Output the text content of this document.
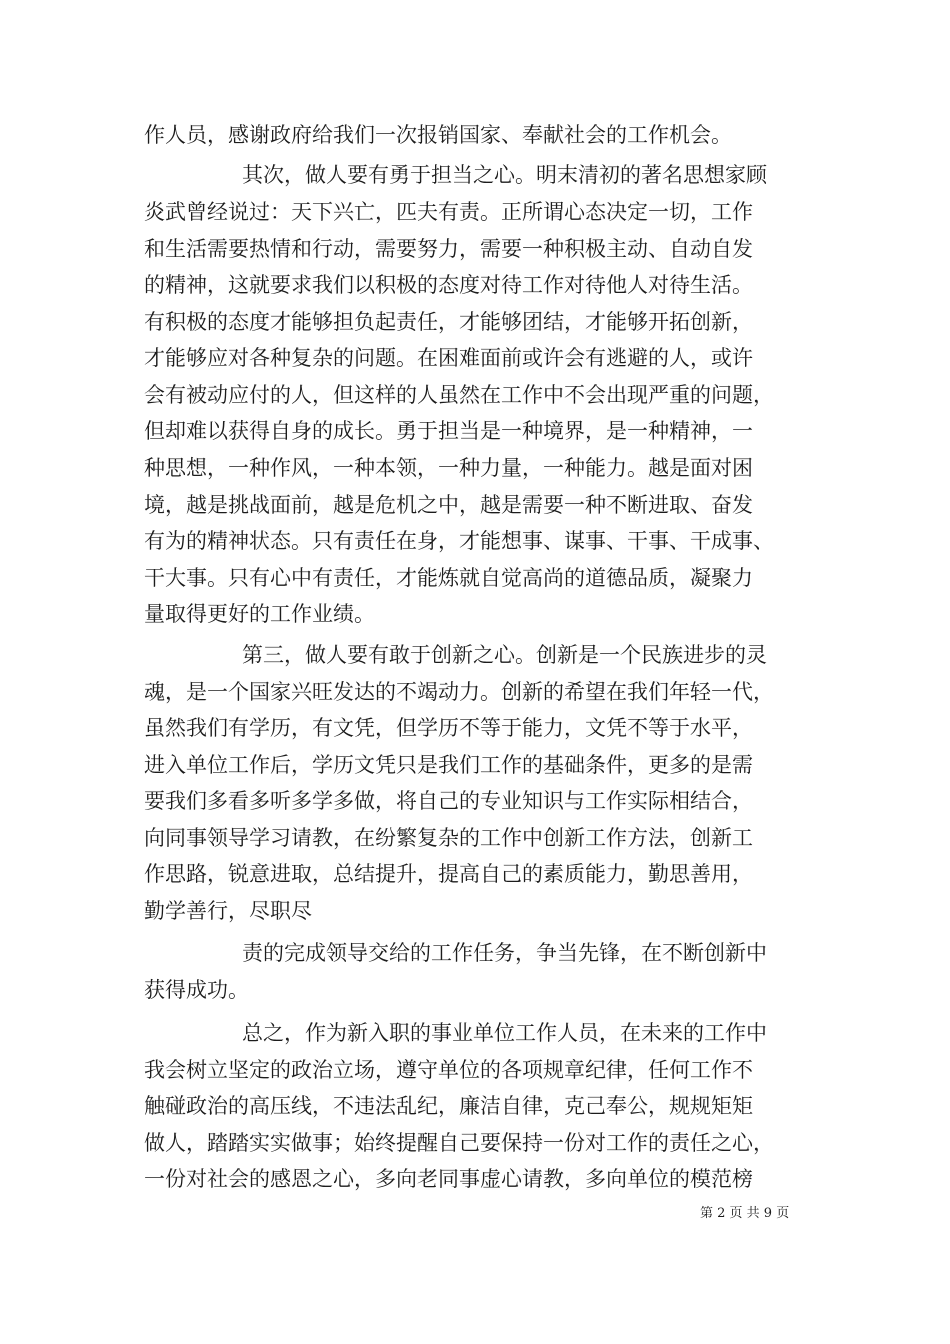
作人员，感谢政府给我们一次报销国家、奉献社会的工作机会。
其次，做人要有勇于担当之心。明末清初的著名思想家顾
炎武曾经说过：天下兴亡，匹夫有责。正所谓心态决定一切，工作
和生活需要热情和行动，需要努力，需要一种积极主动、自动自发
的精神，这就要求我们以积极的态度对待工作对待他人对待生活。
有积极的态度才能够担负起责任，才能够团结，才能够开拓创新，
才能够应对各种复杂的问题。在困难面前或许会有逃避的人，或许
会有被动应付的人，但这样的人虽然在工作中不会出现严重的问题，
但却难以获得自身的成长。勇于担当是一种境界，是一种精神，一
种思想，一种作风，一种本领，一种力量，一种能力。越是面对困
境，越是挑战面前，越是危机之中，越是需要一种不断进取、奋发
有为的精神状态。只有责任在身，才能想事、谋事、干事、干成事、
干大事。只有心中有责任，才能炼就自觉高尚的道德品质，凝聚力
量取得更好的工作业绩。
第三，做人要有敢于创新之心。创新是一个民族进步的灵
魂，是一个国家兴旺发达的不竭动力。创新的希望在我们年轻一代，
虽然我们有学历，有文凭，但学历不等于能力，文凭不等于水平，
进入单位工作后，学历文凭只是我们工作的基础条件，更多的是需
要我们多看多听多学多做，将自己的专业知识与工作实际相结合，
向同事领导学习请教，在纷繁复杂的工作中创新工作方法，创新工
作思路，锐意进取，总结提升，提高自己的素质能力，勤思善用，
勤学善行，尽职尽
责的完成领导交给的工作任务，争当先锋，在不断创新中
获得成功。
总之，作为新入职的事业单位工作人员，在未来的工作中
我会树立坚定的政治立场，遵守单位的各项规章纪律，任何工作不
触碰政治的高压线，不违法乱纪，廉洁自律，克己奉公，规规矩矩
做人，踏踏实实做事；始终提醒自己要保持一份对工作的责任之心，
一份对社会的感恩之心，多向老同事虚心请教，多向单位的模范榜
第 2 页 共 9 页
